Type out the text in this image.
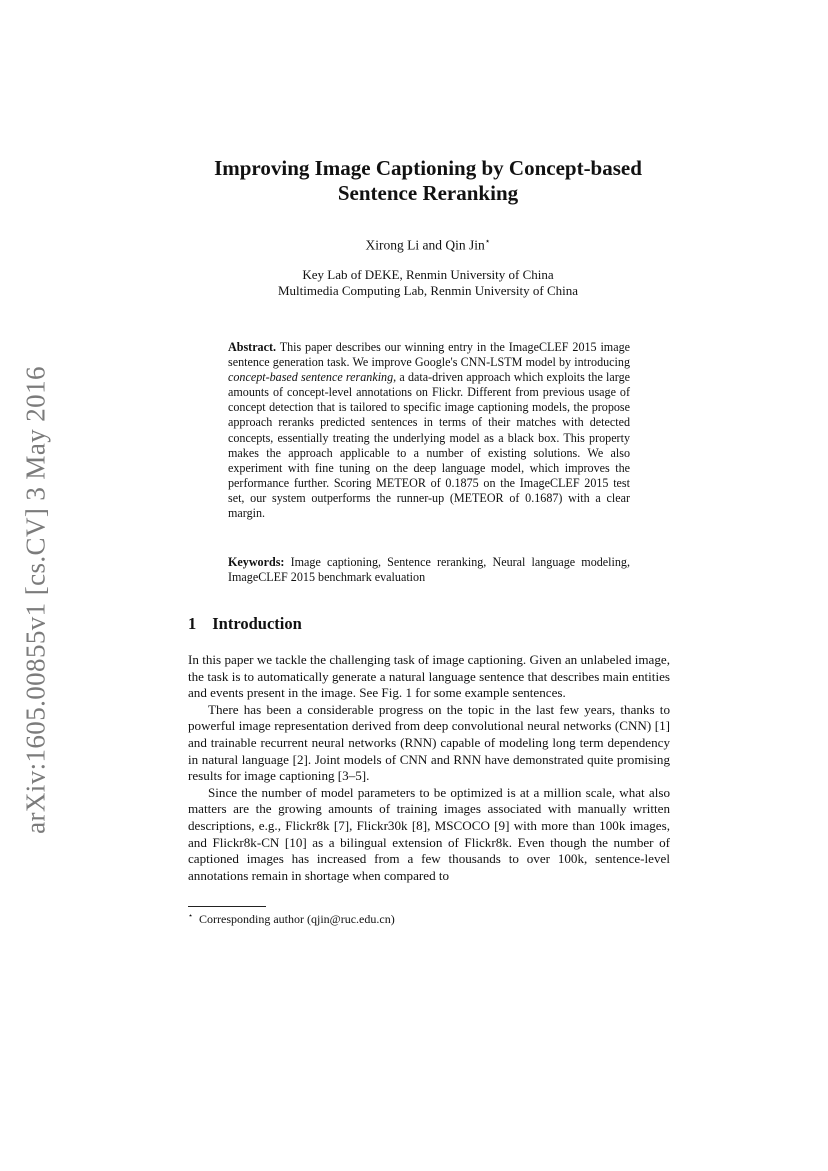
arXiv:1605.00855v1 [cs.CV] 3 May 2016
Improving Image Captioning by Concept-based
Sentence Reranking
Xirong Li and Qin Jin⋆
Key Lab of DEKE, Renmin University of China
Multimedia Computing Lab, Renmin University of China

Abstract. This paper describes our winning entry in the ImageCLEF 2015 image sentence generation task. We improve Google's CNN-LSTM model by introducing concept-based sentence reranking, a data-driven approach which exploits the large amounts of concept-level annotations on Flickr. Different from previous usage of concept detection that is tailored to specific image captioning models, the propose approach reranks predicted sentences in terms of their matches with detected concepts, essentially treating the underlying model as a black box. This property makes the approach applicable to a number of existing solutions. We also experiment with fine tuning on the deep language model, which improves the performance further. Scoring METEOR of 0.1875 on the ImageCLEF 2015 test set, our system outperforms the runner-up (METEOR of 0.1687) with a clear margin.

Keywords: Image captioning, Sentence reranking, Neural language modeling, ImageCLEF 2015 benchmark evaluation

1 Introduction

In this paper we tackle the challenging task of image captioning. Given an unlabeled image, the task is to automatically generate a natural language sentence that describes main entities and events present in the image. See Fig. 1 for some example sentences.

There has been a considerable progress on the topic in the last few years, thanks to powerful image representation derived from deep convolutional neural networks (CNN) [1] and trainable recurrent neural networks (RNN) capable of modeling long term dependency in natural language [2]. Joint models of CNN and RNN have demonstrated quite promising results for image captioning [3–5].

Since the number of model parameters to be optimized is at a million scale, what also matters are the growing amounts of training images associated with manually written descriptions, e.g., Flickr8k [7], Flickr30k [8], MSCOCO [9] with more than 100k images, and Flickr8k-CN [10] as a bilingual extension of Flickr8k. Even though the number of captioned images has increased from a few thousands to over 100k, sentence-level annotations remain in shortage when compared to

⋆ Corresponding author (qjin@ruc.edu.cn)
